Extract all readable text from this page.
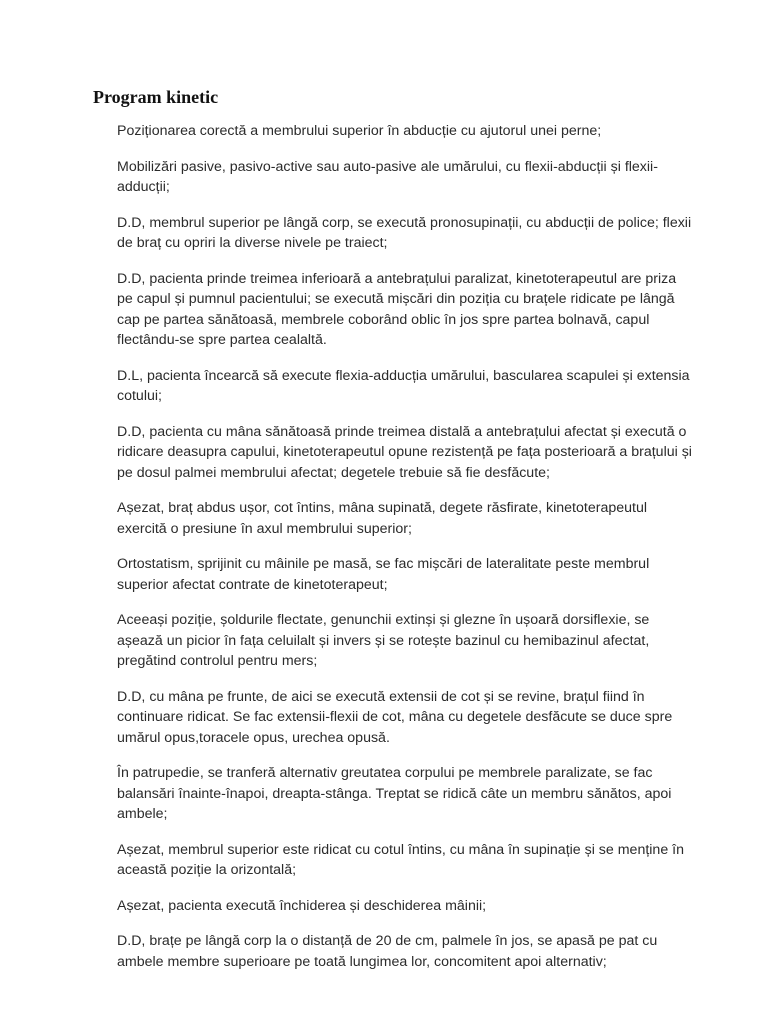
Program kinetic

Poziționarea corectă a membrului superior în abducție cu ajutorul unei perne;

Mobilizări pasive, pasivo-active sau auto-pasive ale umărului, cu flexii-abducții și flexii-adducții;

D.D, membrul superior pe lângă corp, se execută pronosupinații, cu abducții de police; flexii de braț cu opriri la diverse nivele pe traiect;

D.D, pacienta prinde treimea inferioară a antebrațului paralizat, kinetoterapeutul are priza pe capul și pumnul pacientului; se execută mișcări din poziția cu brațele ridicate pe lângă cap pe partea sănătoasă, membrele coborând oblic în jos spre partea bolnavă, capul flectându-se spre partea cealaltă.

D.L, pacienta încearcă să execute flexia-adducția umărului, bascularea scapulei și extensia cotului;

D.D, pacienta cu mâna sănătoasă prinde treimea distală a antebrațului afectat și execută o ridicare deasupra capului, kinetoterapeutul opune rezistență pe fața posterioară a brațului și pe dosul palmei membrului afectat; degetele trebuie să fie desfăcute;

Așezat, braț abdus ușor, cot întins, mâna supinată, degete răsfirate, kinetoterapeutul exercită o presiune în axul membrului superior;

Ortostatism, sprijinit cu mâinile pe masă, se fac mișcări de lateralitate peste membrul superior afectat contrate de kinetoterapeut;

Aceeași poziție, șoldurile flectate, genunchii extinși și glezne în ușoară dorsiflexie, se așează un picior în fața celuilalt și invers și se rotește bazinul cu hemibazinul afectat, pregătind controlul pentru mers;

D.D, cu mâna pe frunte, de aici se execută extensii de cot și se revine, brațul fiind în continuare ridicat. Se fac extensii-flexii de cot, mâna cu degetele desfăcute se duce spre umărul opus,toracele opus, urechea opusă.

În patrupedie, se tranferă alternativ greutatea corpului pe membrele paralizate, se fac balansări înainte-înapoi, dreapta-stânga. Treptat se ridică câte un membru sănătos, apoi ambele;

Așezat, membrul superior este ridicat cu cotul întins, cu mâna în supinație și se menține în această poziție la orizontală;

Așezat, pacienta execută închiderea și deschiderea mâinii;

D.D, brațe pe lângă corp la o distanță de 20 de cm, palmele în jos, se apasă pe pat cu ambele membre superioare pe toată lungimea lor, concomitent apoi alternativ;
